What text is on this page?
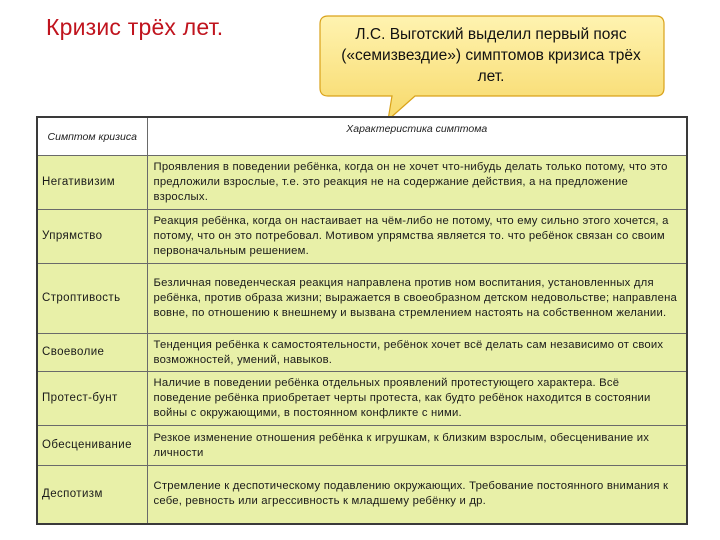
Кризис трёх лет.	Л.С. Выготский выделил первый пояс («семизвездие») симптомов кризиса трёх лет.
Симптом кризиса	Характеристика симптома
Негативизим	Проявления в поведении ребёнка, когда он не хочет что-нибудь делать только потому, что это предложили взрослые, т.е. это реакция не на содержание действия, а на предложение взрослых.
Упрямство	Реакция ребёнка, когда он настаивает на чём-либо не потому, что ему сильно этого хочется, а потому, что он это потребовал. Мотивом упрямства является то. что ребёнок связан со своим первоначальным решением.
Строптивость	Безличная поведенческая реакция направлена против ном воспитания, установленных для ребёнка, против образа жизни; выражается в своеобразном детском недовольстве; направлена вовне, по отношению к внешнему и вызвана стремлением настоять на собственном желании.
Своеволие	Тенденция ребёнка к самостоятельности, ребёнок хочет всё делать сам независимо от своих возможностей, умений, навыков.
Протест-бунт	Наличие в поведении ребёнка отдельных проявлений протестующего характера. Всё поведение ребёнка приобретает черты протеста, как будто ребёнок находится в состоянии войны с окружающими, в постоянном конфликте с ними.
Обесценивание	Резкое изменение отношения ребёнка к игрушкам, к близким взрослым, обесценивание их личности
Деспотизм	Стремление к деспотическому подавлению окружающих. Требование постоянного внимания к себе, ревность или агрессивность к младшему ребёнку и др.
